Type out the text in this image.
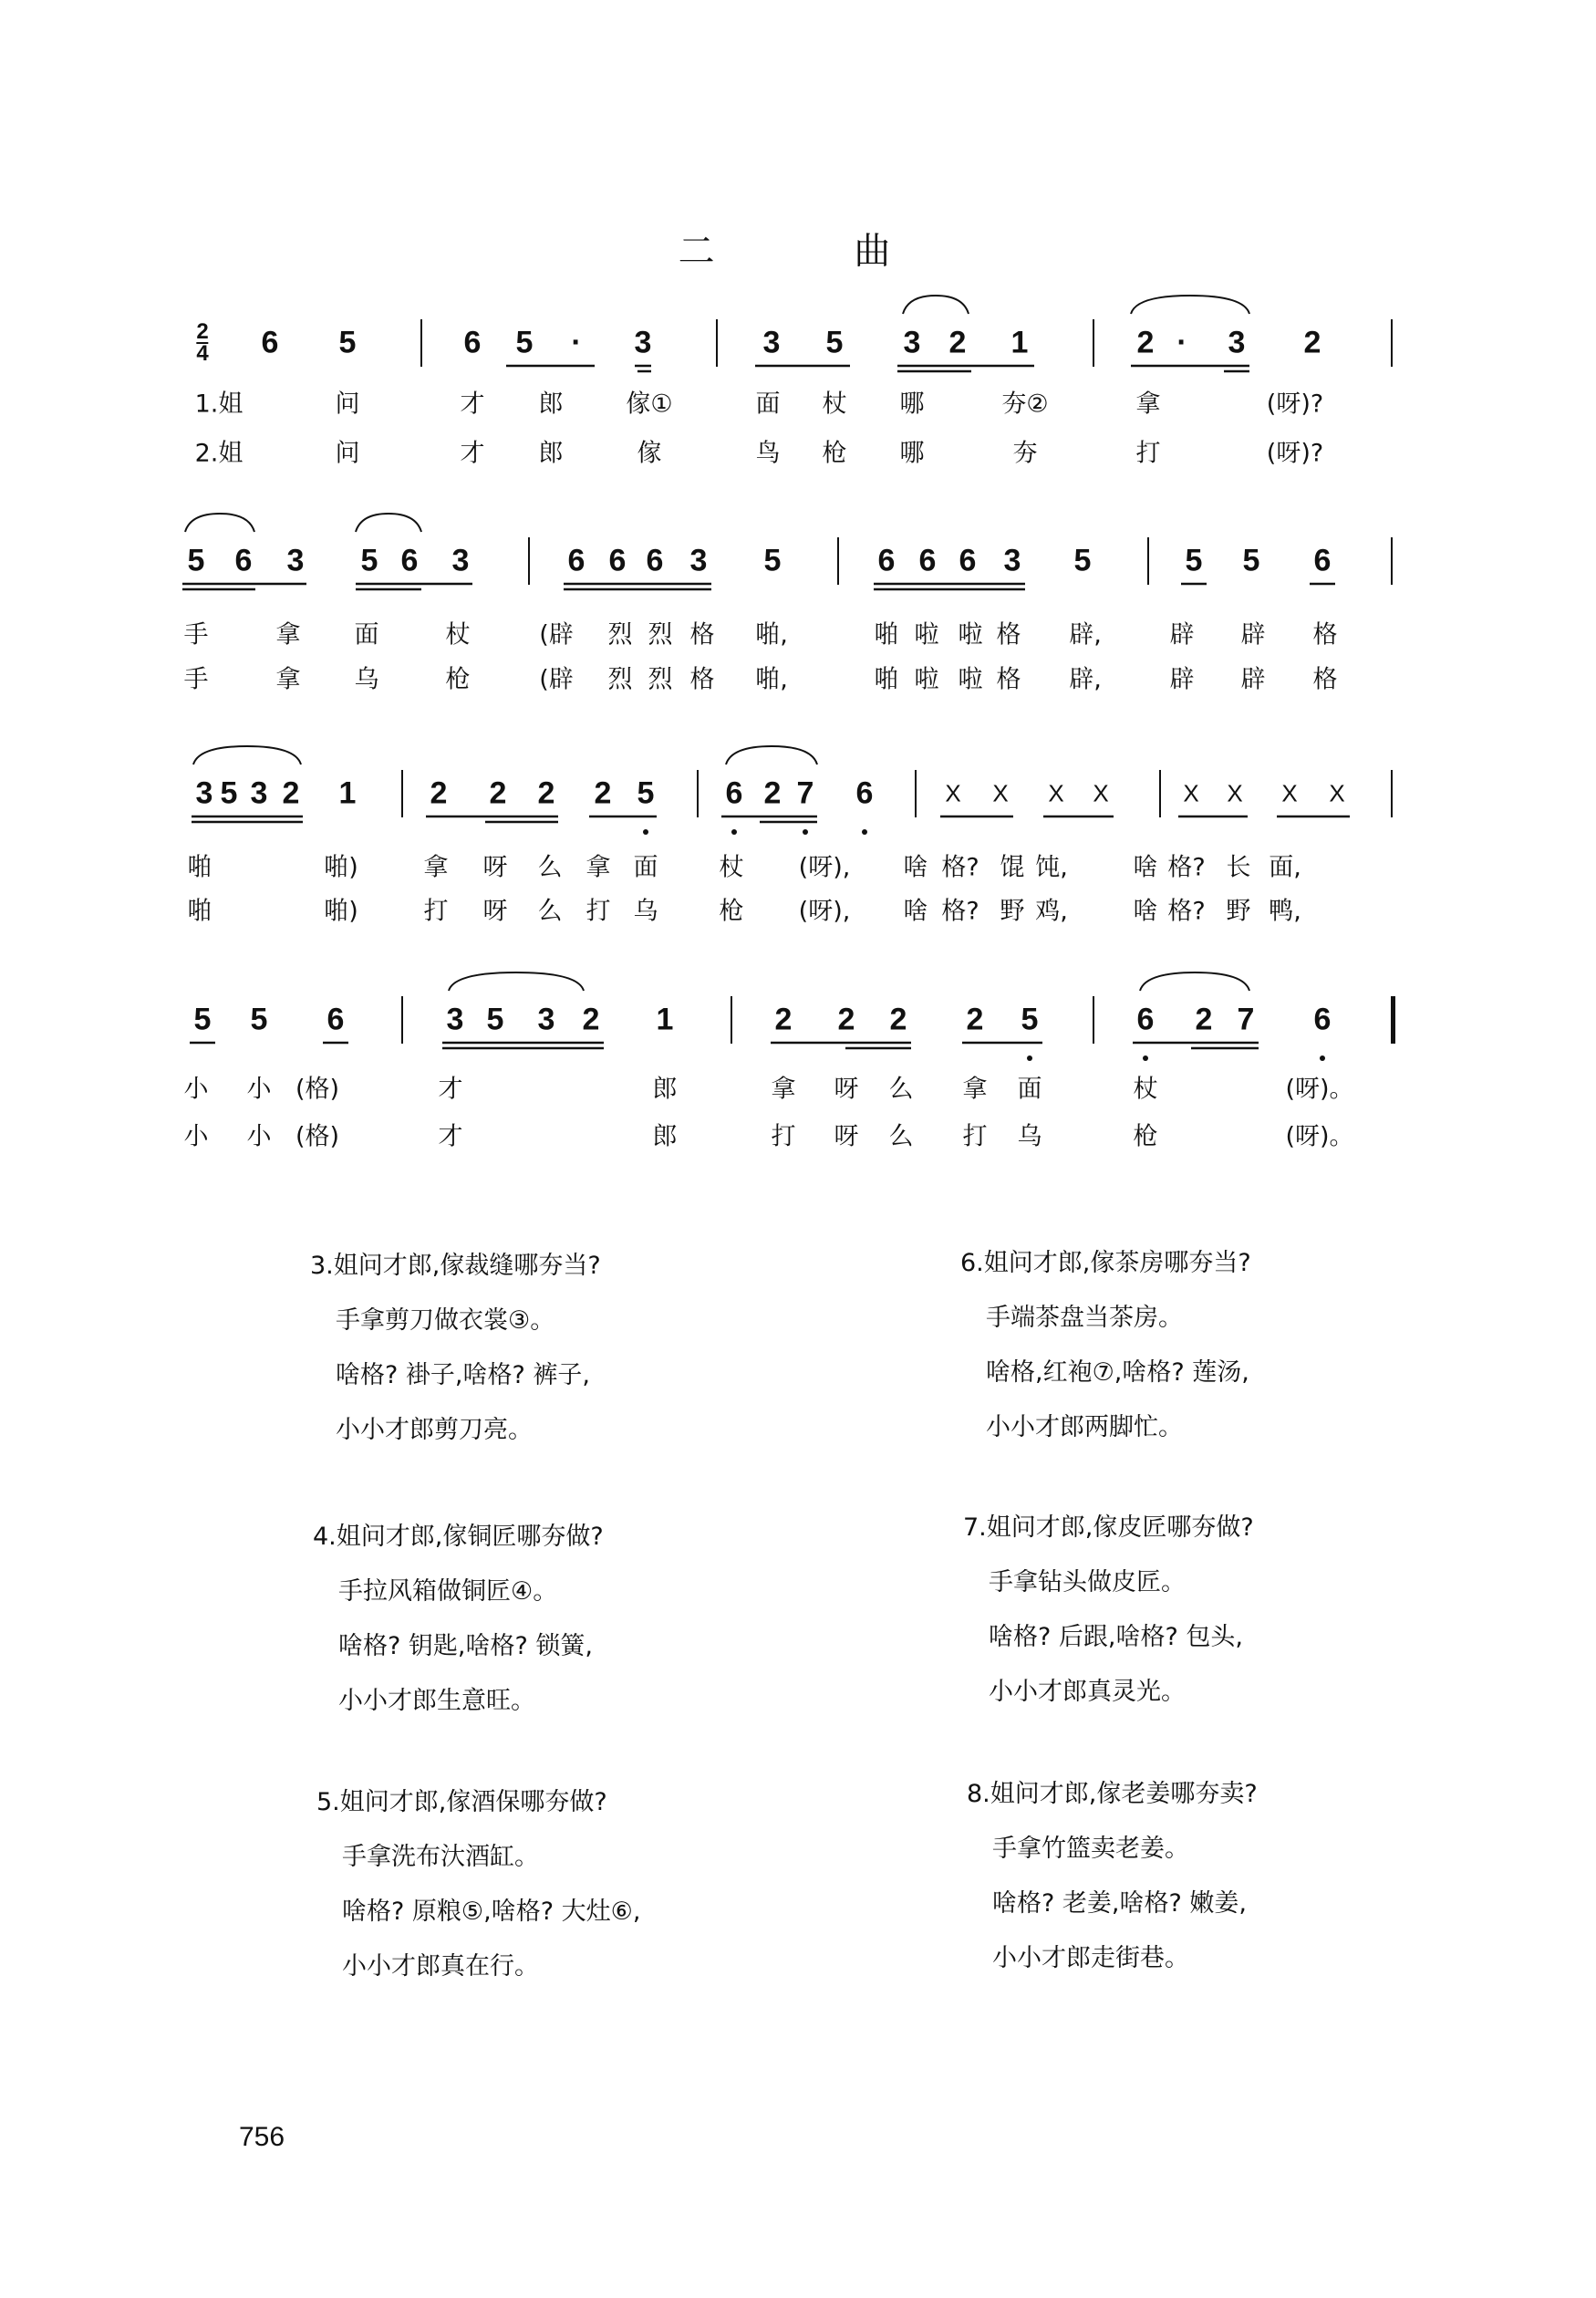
二 曲
2
4 6 5	6 5 · 3	3 5 3 2 1	2 · 3 2
1.姐	问	才 郎	傢①	面 杖 哪	夯②	拿	(呀)?
2.姐	问	才 郎	傢	鸟 枪 哪	夯	打	(呀)?
5 6 3 5 6 3	6 6 6 3 5	6 6 6 3 5	5 5 6
手	拿 面	杖	(辟 烈 烈 格 啪,	啪 啦 啦 格 辟,	辟 辟 格
手	拿 乌	枪	(辟 烈 烈 格 啪,	啪 啦 啦 格 辟,	辟 辟 格
3 5 3 2 1 2 2 2 2 5 6 2 7 6	X X X X	X X X X
啪	啪)	拿 呀 么 拿 面 杖 (呀), 啥 格? 馄 饨,	啥 格? 长 面,
啪	啪)	打 呀 么 打 乌 枪 (呀), 啥 格? 野 鸡,	啥 格? 野 鸭,
5 5 6	3 5 3 2 1	2 2 2 2 5	6 2 7 6
小 小 (格)	才	郎	拿 呀 么 拿 面	杖	(呀)。
小 小 (格)	才	郎	打 呀 么 打 乌	枪	(呀)。
3.姐问才郎,傢裁缝哪夯当?
手拿剪刀做衣裳③。
啥格? 褂子,啥格? 裤子,
小小才郎剪刀亮。
4.姐问才郎,傢铜匠哪夯做?
手拉风箱做铜匠④。
啥格? 钥匙,啥格? 锁簧,
小小才郎生意旺。
5.姐问才郎,傢酒保哪夯做?
手拿洗布汏酒缸。
啥格? 原粮⑤,啥格? 大灶⑥,
小小才郎真在行。
6.姐问才郎,傢茶房哪夯当?
手端茶盘当茶房。
啥格,红袍⑦,啥格? 莲汤,
小小才郎两脚忙。
7.姐问才郎,傢皮匠哪夯做?
手拿钻头做皮匠。
啥格? 后跟,啥格? 包头,
小小才郎真灵光。
8.姐问才郎,傢老姜哪夯卖?
手拿竹篮卖老姜。
啥格? 老姜,啥格? 嫩姜,
小小才郎走街巷。
756
